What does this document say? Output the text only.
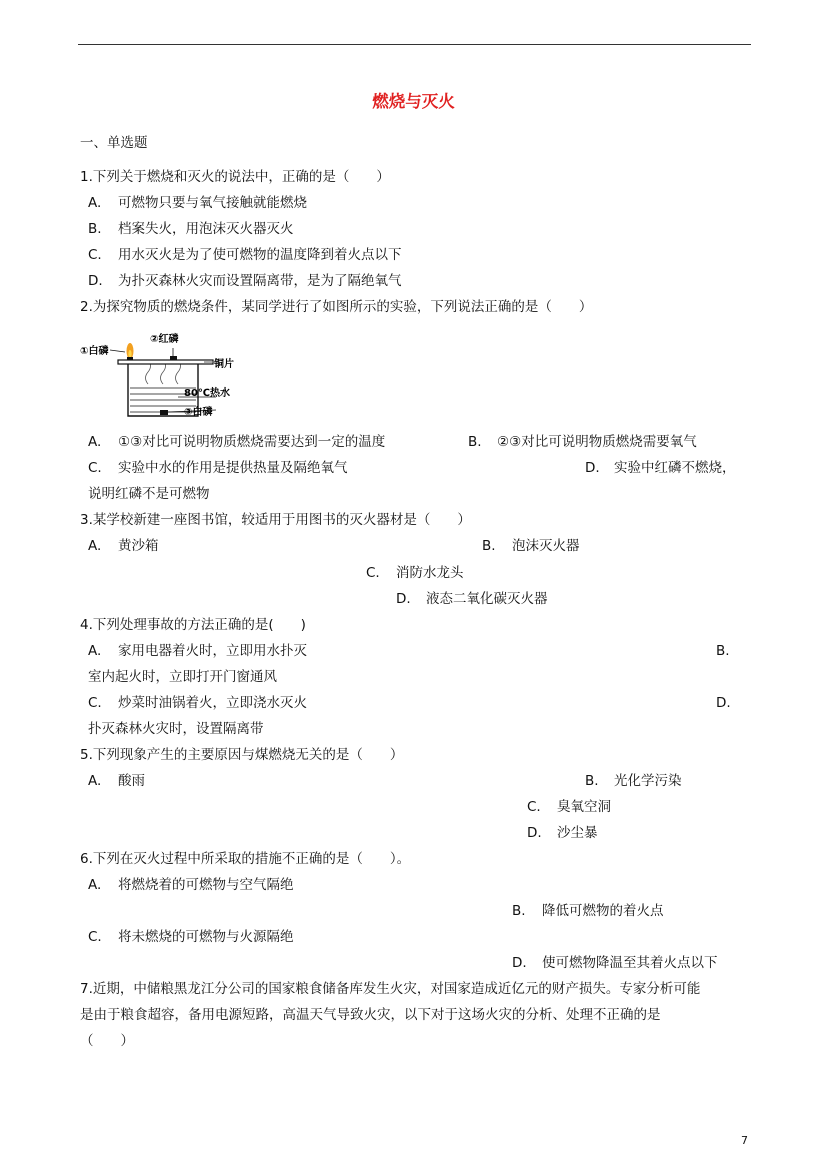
燃烧与灭火
一、单选题
1.下列关于燃烧和灭火的说法中，正确的是（　　）
A. 可燃物只要与氧气接触就能燃烧
B. 档案失火，用泡沫灭火器灭火
C. 用水灭火是为了使可燃物的温度降到着火点以下
D. 为扑灭森林火灾而设置隔离带，是为了隔绝氧气
2.为探究物质的燃烧条件，某同学进行了如图所示的实验，下列说法正确的是（　　）
①白磷
②红磷
铜片
80℃热水
③白磷
A. ①③对比可说明物质燃烧需要达到一定的温度	B. ②③对比可说明物质燃烧需要氧气
C. 实验中水的作用是提供热量及隔绝氧气	D. 实验中红磷不燃烧，
说明红磷不是可燃物
3.某学校新建一座图书馆，较适用于用图书的灭火器材是（　　）
A. 黄沙箱	B. 泡沫灭火器
C. 消防水龙头
D. 液态二氧化碳灭火器
4.下列处理事故的方法正确的是(　　)
A. 家用电器着火时，立即用水扑灭	B.
室内起火时，立即打开门窗通风
C. 炒菜时油锅着火，立即浇水灭火	D.
扑灭森林火灾时，设置隔离带
5.下列现象产生的主要原因与煤燃烧无关的是（　　）
A. 酸雨	B. 光化学污染
C. 臭氧空洞
D. 沙尘暴
6.下列在灭火过程中所采取的措施不正确的是（　　）。
A. 将燃烧着的可燃物与空气隔绝
B. 降低可燃物的着火点
C. 将未燃烧的可燃物与火源隔绝
D. 使可燃物降温至其着火点以下
7.近期，中储粮黑龙江分公司的国家粮食储备库发生火灾，对国家造成近亿元的财产损失。专家分析可能
是由于粮食超容，备用电源短路，高温天气导致火灾，以下对于这场火灾的分析、处理不正确的是
（　　）
7
